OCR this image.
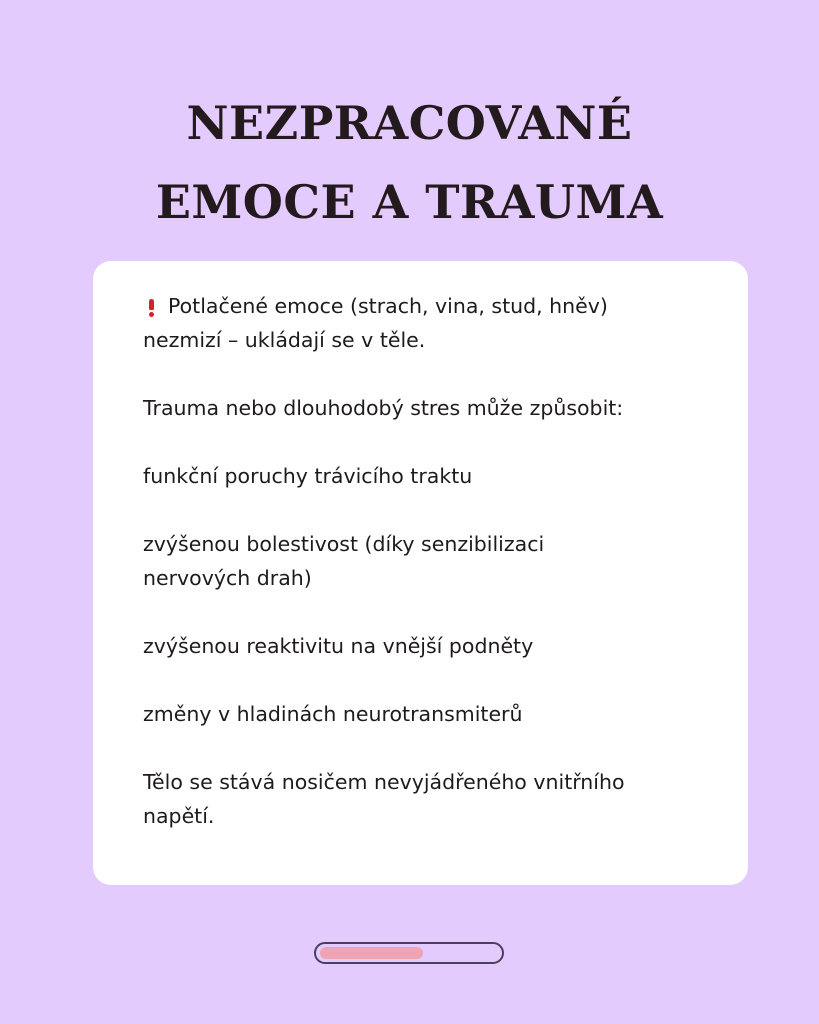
NEZPRACOVANÉ
EMOCE A TRAUMA

Potlačené emoce (strach, vina, stud, hněv)
nezmizí – ukládají se v těle.

Trauma nebo dlouhodobý stres může způsobit:

funkční poruchy trávicího traktu

zvýšenou bolestivost (díky senzibilizaci
nervových drah)

zvýšenou reaktivitu na vnější podněty

změny v hladinách neurotransmiterů

Tělo se stává nosičem nevyjádřeného vnitřního
napětí.
